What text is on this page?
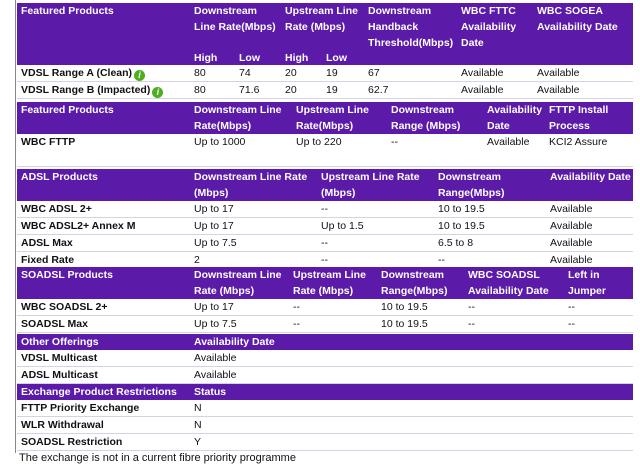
Featured Products	Downstream Line Rate(Mbps)		Upstream Line Rate (Mbps)		Downstream Handback Threshold(Mbps)	WBC FTTC Availability Date	WBC SOGEA Availability Date
	High	Low	High	Low			
VDSL Range A (Clean) i	80	74	20	19	67	Available	Available
VDSL Range B (Impacted) i	80	71.6	20	19	62.7	Available	Available
Featured Products	Downstream Line Rate(Mbps)	Upstream Line Rate(Mbps)	Downstream Range (Mbps)	Availability Date	FTTP Install Process
WBC FTTP	Up to 1000	Up to 220	--	Available	KCI2 Assure
ADSL Products	Downstream Line Rate (Mbps)	Upstream Line Rate (Mbps)	Downstream Range(Mbps)	Availability Date
WBC ADSL 2+	Up to 17	--	10 to 19.5	Available
WBC ADSL2+ Annex M	Up to 17	Up to 1.5	10 to 19.5	Available
ADSL Max	Up to 7.5	--	6.5 to 8	Available
Fixed Rate	2	--	--	Available
SOADSL Products	Downstream Line Rate (Mbps)	Upstream Line Rate (Mbps)	Downstream Range(Mbps)	WBC SOADSL Availability Date	Left in Jumper
WBC SOADSL 2+	Up to 17	--	10 to 19.5	--	--
SOADSL Max	Up to 7.5	--	10 to 19.5	--	--
Other Offerings	Availability Date
VDSL Multicast	Available
ADSL Multicast	Available
Exchange Product Restrictions	Status
FTTP Priority Exchange	N
WLR Withdrawal	N
SOADSL Restriction	Y
The exchange is not in a current fibre priority programme
